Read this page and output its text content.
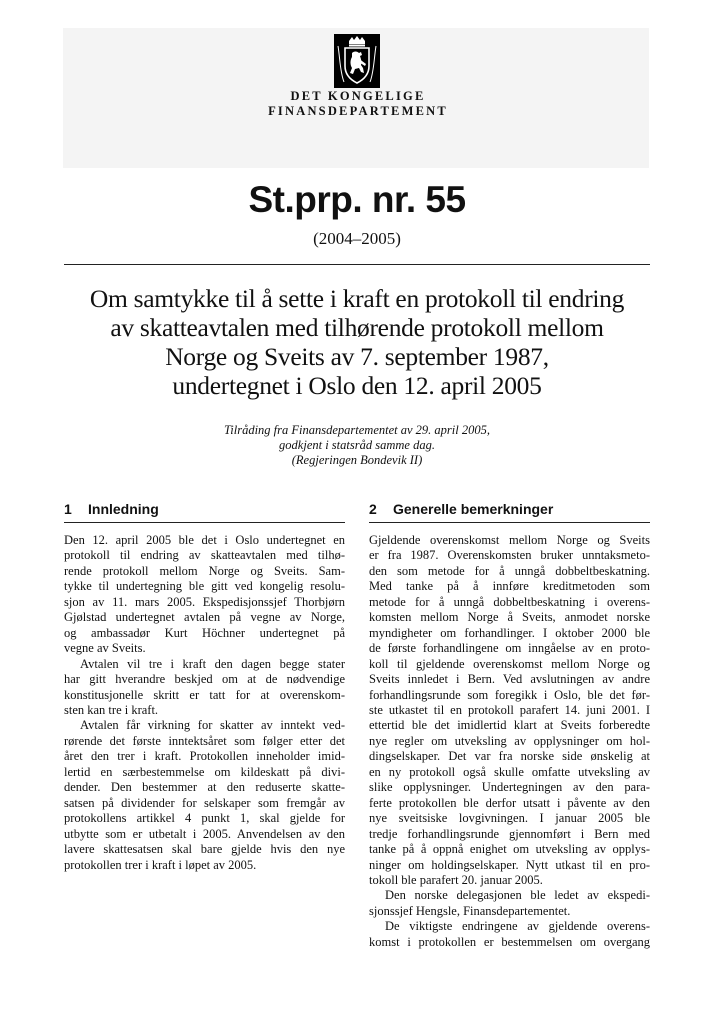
DET KONGELIGE
FINANSDEPARTEMENT
St.prp. nr. 55
(2004–2005)
Om samtykke til å sette i kraft en protokoll til endring
av skatteavtalen med tilhørende protokoll mellom
Norge og Sveits av 7. september 1987,
undertegnet i Oslo den 12. april 2005
Tilråding fra Finansdepartementet av 29. april 2005,
godkjent i statsråd samme dag.
(Regjeringen Bondevik II)
1 Innledning
Den 12. april 2005 ble det i Oslo undertegnet en
protokoll til endring av skatteavtalen med tilhø-
rende protokoll mellom Norge og Sveits. Sam-
tykke til undertegning ble gitt ved kongelig resolu-
sjon av 11. mars 2005. Ekspedisjonssjef Thorbjørn
Gjølstad undertegnet avtalen på vegne av Norge,
og ambassadør Kurt Höchner undertegnet på
vegne av Sveits.
Avtalen vil tre i kraft den dagen begge stater
har gitt hverandre beskjed om at de nødvendige
konstitusjonelle skritt er tatt for at overenskom-
sten kan tre i kraft.
Avtalen får virkning for skatter av inntekt ved-
rørende det første inntektsåret som følger etter det
året den trer i kraft. Protokollen inneholder imid-
lertid en særbestemmelse om kildeskatt på divi-
dender. Den bestemmer at den reduserte skatte-
satsen på dividender for selskaper som fremgår av
protokollens artikkel 4 punkt 1, skal gjelde for
utbytte som er utbetalt i 2005. Anvendelsen av den
lavere skattesatsen skal bare gjelde hvis den nye
protokollen trer i kraft i løpet av 2005.
2 Generelle bemerkninger
Gjeldende overenskomst mellom Norge og Sveits
er fra 1987. Overenskomsten bruker unntaksmeto-
den som metode for å unngå dobbeltbeskatning.
Med tanke på å innføre kreditmetoden som
metode for å unngå dobbeltbeskatning i overens-
komsten mellom Norge å Sveits, anmodet norske
myndigheter om forhandlinger. I oktober 2000 ble
de første forhandlingene om inngåelse av en proto-
koll til gjeldende overenskomst mellom Norge og
Sveits innledet i Bern. Ved avslutningen av andre
forhandlingsrunde som foregikk i Oslo, ble det før-
ste utkastet til en protokoll parafert 14. juni 2001. I
ettertid ble det imidlertid klart at Sveits forberedte
nye regler om utveksling av opplysninger om hol-
dingselskaper. Det var fra norske side ønskelig at
en ny protokoll også skulle omfatte utveksling av
slike opplysninger. Undertegningen av den para-
ferte protokollen ble derfor utsatt i påvente av den
nye sveitsiske lovgivningen. I januar 2005 ble
tredje forhandlingsrunde gjennomført i Bern med
tanke på å oppnå enighet om utveksling av opplys-
ninger om holdingselskaper. Nytt utkast til en pro-
tokoll ble parafert 20. januar 2005.
Den norske delegasjonen ble ledet av ekspedi-
sjonssjef Hengsle, Finansdepartementet.
De viktigste endringene av gjeldende overens-
komst i protokollen er bestemmelsen om overgang
